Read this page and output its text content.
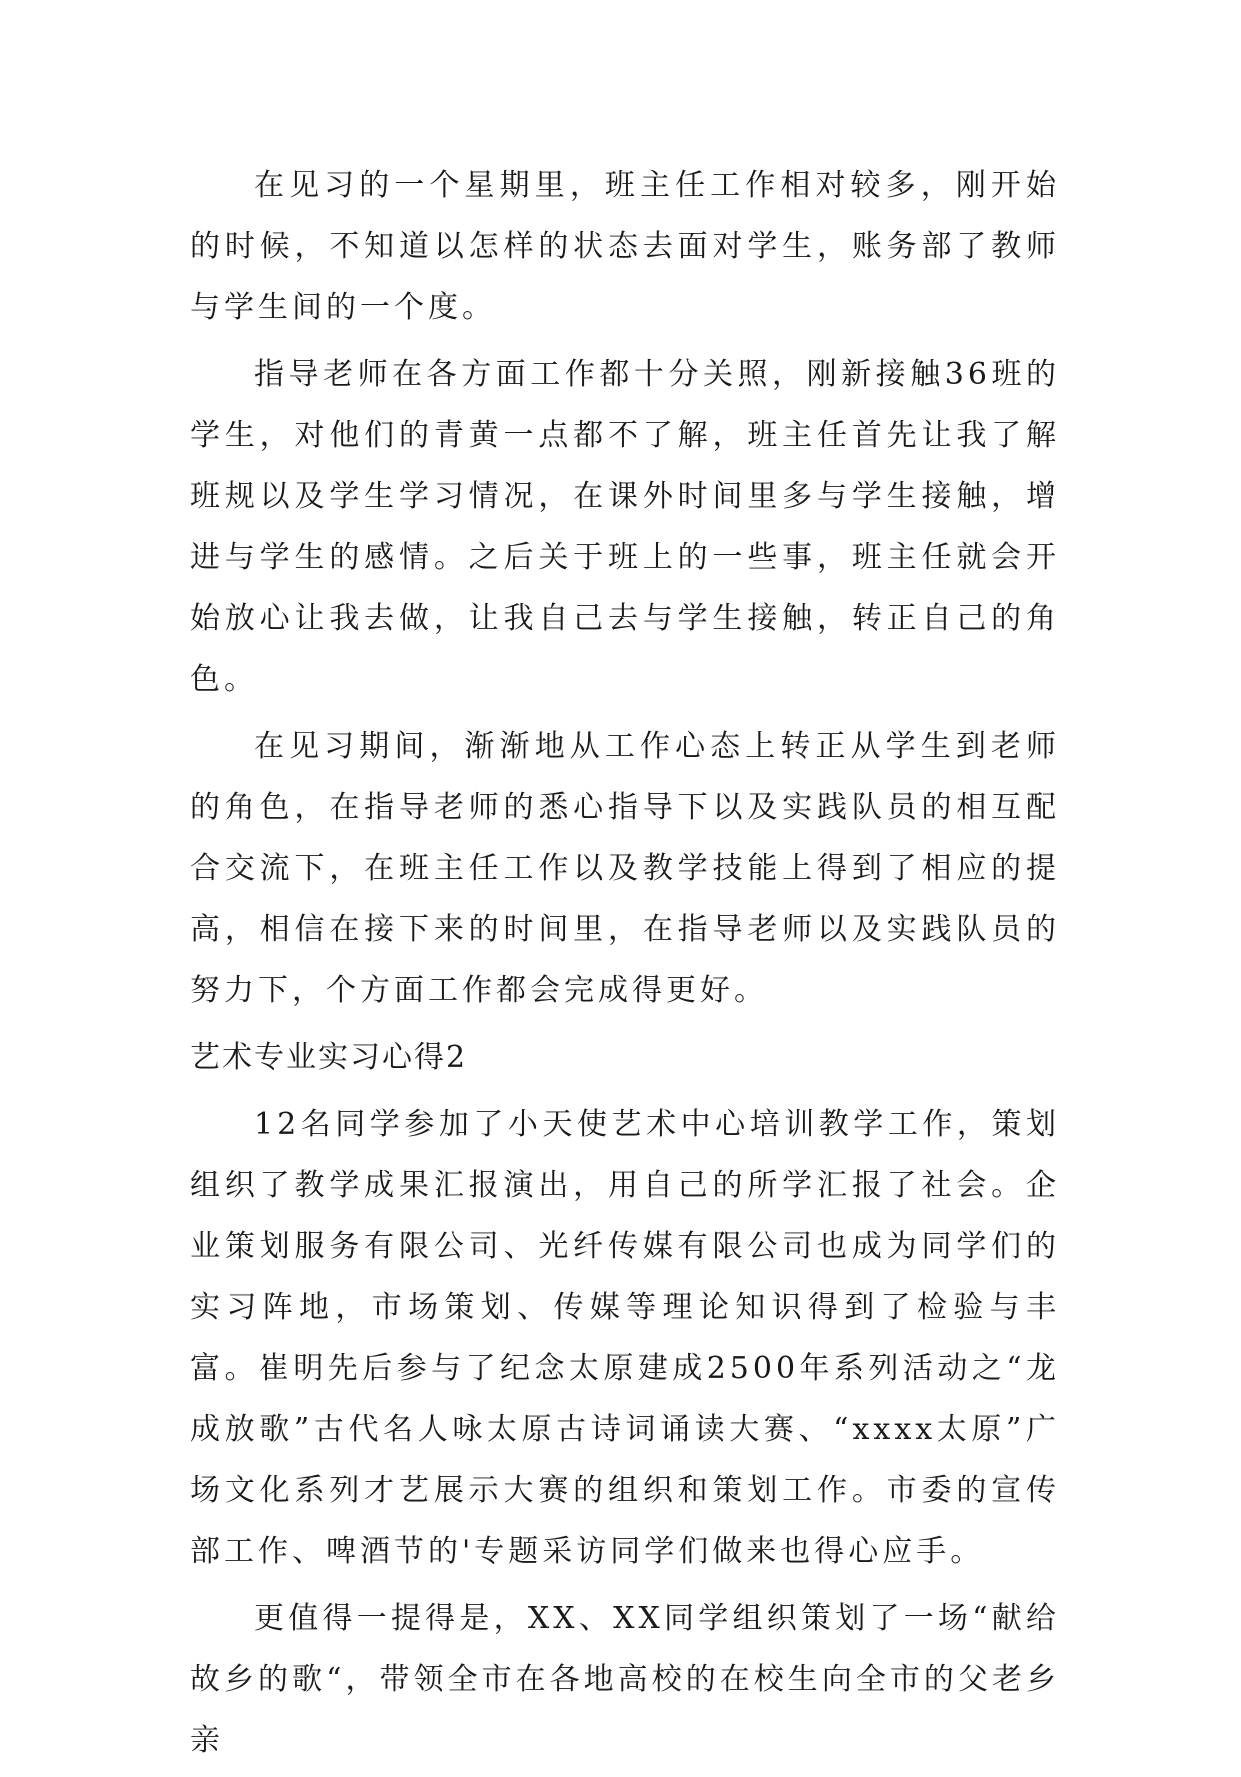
在见习的一个星期里，班主任工作相对较多，刚开始的时候，不知道以怎样的状态去面对学生，账务部了教师与学生间的一个度。

指导老师在各方面工作都十分关照，刚新接触36班的学生，对他们的青黄一点都不了解，班主任首先让我了解班规以及学生学习情况，在课外时间里多与学生接触，增进与学生的感情。之后关于班上的一些事，班主任就会开始放心让我去做，让我自己去与学生接触，转正自己的角色。

在见习期间，渐渐地从工作心态上转正从学生到老师的角色，在指导老师的悉心指导下以及实践队员的相互配合交流下，在班主任工作以及教学技能上得到了相应的提高，相信在接下来的时间里，在指导老师以及实践队员的努力下，个方面工作都会完成得更好。

艺术专业实习心得2

12名同学参加了小天使艺术中心培训教学工作，策划组织了教学成果汇报演出，用自己的所学汇报了社会。企业策划服务有限公司、光纤传媒有限公司也成为同学们的实习阵地，市场策划、传媒等理论知识得到了检验与丰富。崔明先后参与了纪念太原建成2500年系列活动之“龙成放歌”古代名人咏太原古诗词诵读大赛、“xxxx太原”广场文化系列才艺展示大赛的组织和策划工作。市委的宣传部工作、啤酒节的'专题采访同学们做来也得心应手。

更值得一提得是，XX、XX同学组织策划了一场“献给故乡的歌“，带领全市在各地高校的在校生向全市的父老乡亲
